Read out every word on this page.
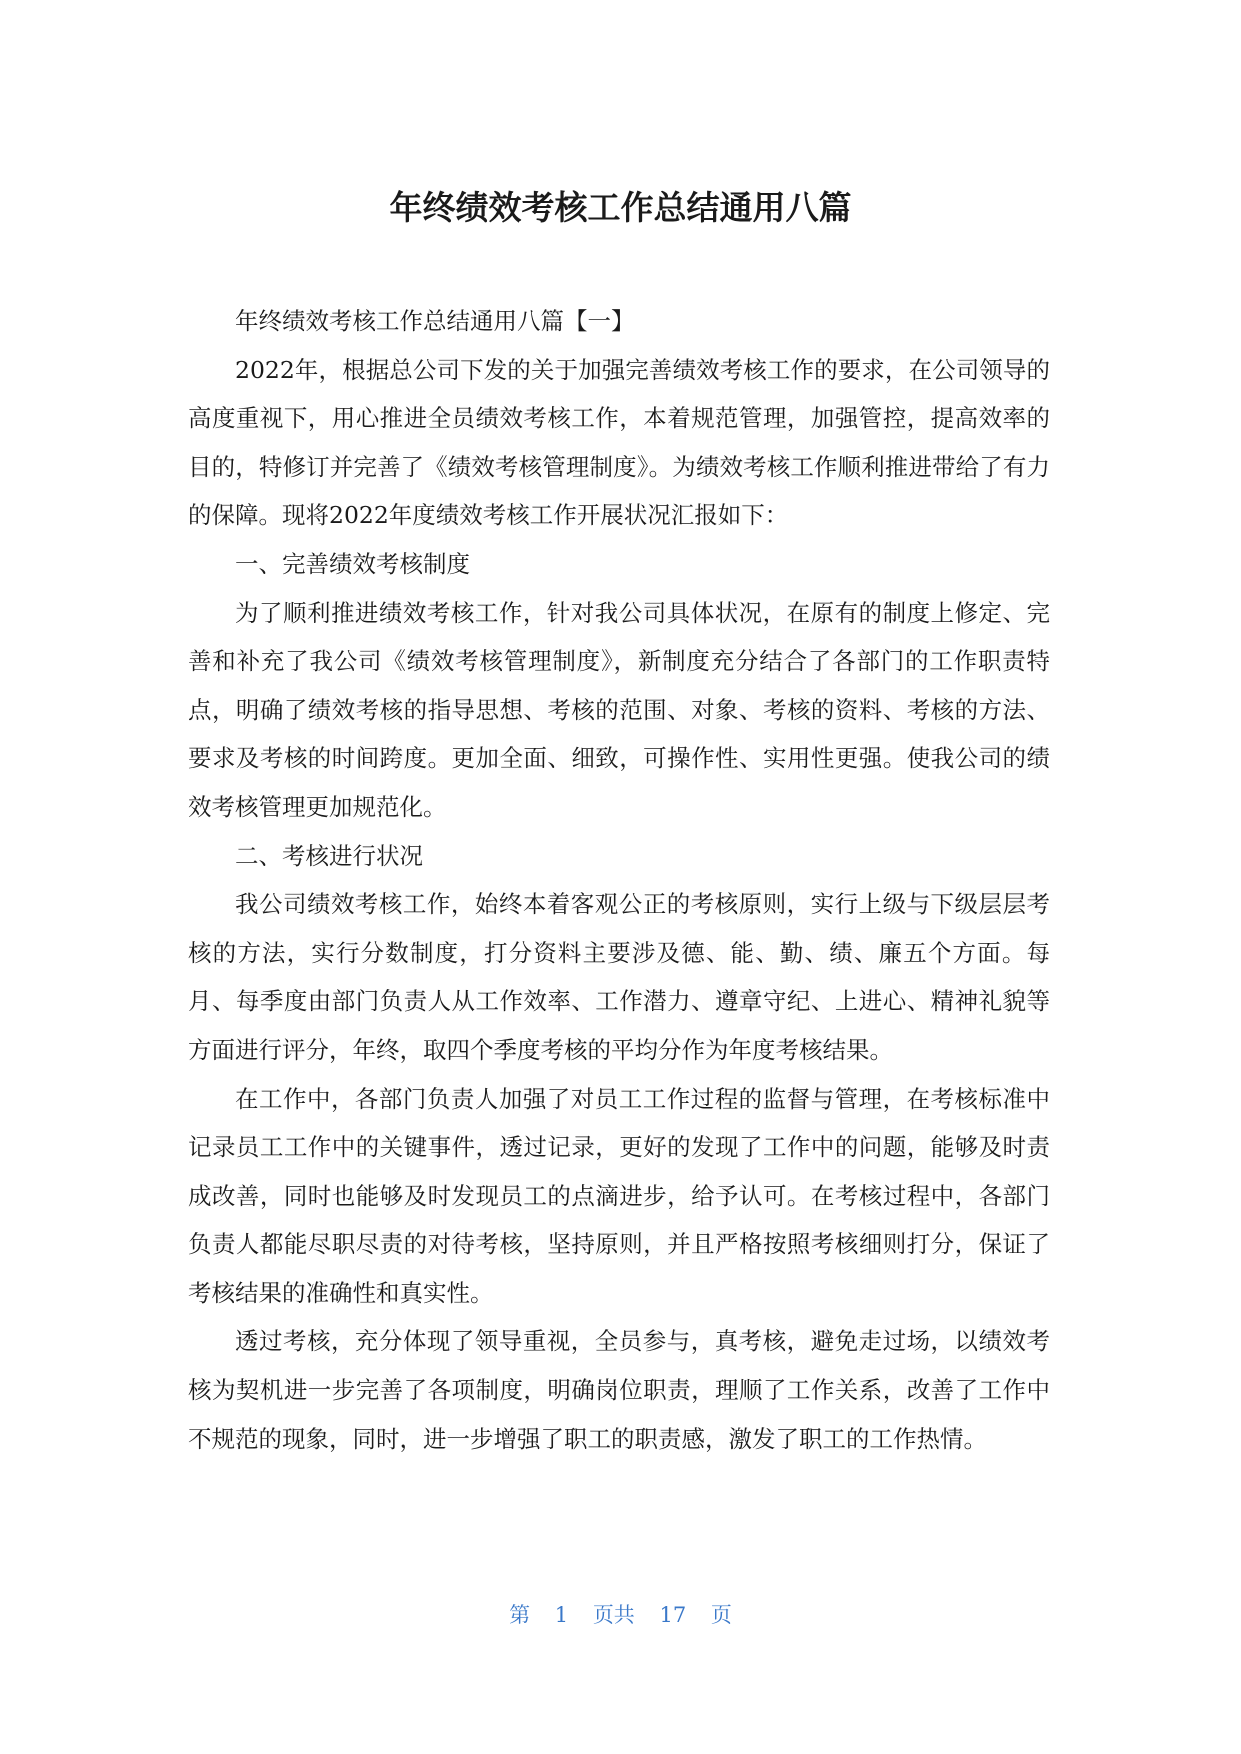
年终绩效考核工作总结通用八篇

年终绩效考核工作总结通用八篇【一】

2022年，根据总公司下发的关于加强完善绩效考核工作的要求，在公司领导的高度重视下，用心推进全员绩效考核工作，本着规范管理，加强管控，提高效率的目的，特修订并完善了《绩效考核管理制度》。为绩效考核工作顺利推进带给了有力的保障。现将2022年度绩效考核工作开展状况汇报如下：

一、完善绩效考核制度

为了顺利推进绩效考核工作，针对我公司具体状况，在原有的制度上修定、完善和补充了我公司《绩效考核管理制度》，新制度充分结合了各部门的工作职责特点，明确了绩效考核的指导思想、考核的范围、对象、考核的资料、考核的方法、要求及考核的时间跨度。更加全面、细致，可操作性、实用性更强。使我公司的绩效考核管理更加规范化。

二、考核进行状况

我公司绩效考核工作，始终本着客观公正的考核原则，实行上级与下级层层考核的方法，实行分数制度，打分资料主要涉及德、能、勤、绩、廉五个方面。每月、每季度由部门负责人从工作效率、工作潜力、遵章守纪、上进心、精神礼貌等方面进行评分，年终，取四个季度考核的平均分作为年度考核结果。

在工作中，各部门负责人加强了对员工工作过程的监督与管理，在考核标准中记录员工工作中的关键事件，透过记录，更好的发现了工作中的问题，能够及时责成改善，同时也能够及时发现员工的点滴进步，给予认可。在考核过程中，各部门负责人都能尽职尽责的对待考核，坚持原则，并且严格按照考核细则打分，保证了考核结果的准确性和真实性。

透过考核，充分体现了领导重视，全员参与，真考核，避免走过场，以绩效考核为契机进一步完善了各项制度，明确岗位职责，理顺了工作关系，改善了工作中不规范的现象，同时，进一步增强了职工的职责感，激发了职工的工作热情。

第 1 页共 17 页
